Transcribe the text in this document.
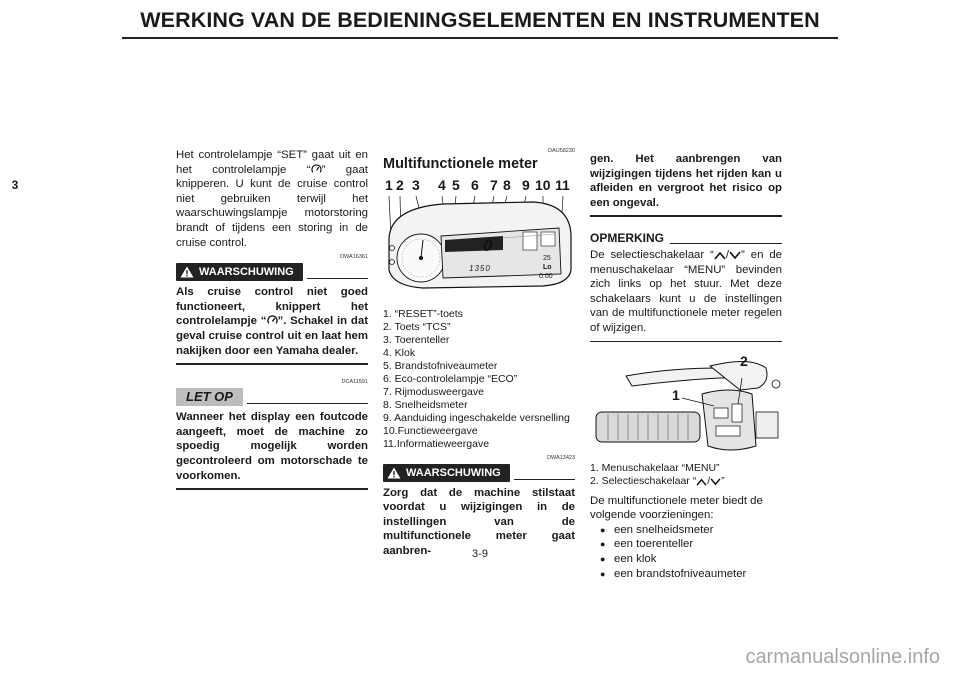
WERKING VAN DE BEDIENINGSELEMENTEN EN INSTRUMENTEN
3

Het controlelampje “SET” gaat uit en het controlelampje “ ” gaat knipperen. U kunt de cruise control niet gebruiken terwijl het waarschuwingslampje motorstoring brandt of tijdens een storing in de cruise control.

DWA16361
WAARSCHUWING

Als cruise control niet goed functioneert, knippert het controlelampje “ ”. Schakel in dat geval cruise control uit en laat hem nakijken door een Yamaha dealer.

DCA11591
LET OP

Wanneer het display een foutcode aangeeft, moet de machine zo spoedig mogelijk worden gecontroleerd om motorschade te voorkomen.

DAU58230

Multifunctionele meter

1 2 3 4 5 6 7 8 9 10 11
0
1350
25
Lo
0:00

1. “RESET”-toets

2. Toets “TCS”

3. Toerenteller

4. Klok

5. Brandstofniveaumeter

6. Eco-controlelampje “ECO”

7. Rijmodusweergave

8. Snelheidsmeter

9. Aanduiding ingeschakelde versnelling

10.Functieweergave

11.Informatieweergave

DWA13423
WAARSCHUWING

Zorg dat de machine stilstaat voordat u wijzigingen in de instellingen van de multifunctionele meter gaat aanbren-

gen. Het aanbrengen van wijzigingen tijdens het rijden kan u afleiden en vergroot het risico op een ongeval.

OPMERKING

De selectieschakelaar “ / ” en de menuschakelaar “MENU” bevinden zich links op het stuur. Met deze schakelaars kunt u de instellingen van de multifunctionele meter regelen of wijzigen.

1
2

1. Menuschakelaar “MENU”

2. Selectieschakelaar “ / ”

De multifunctionele meter biedt de volgende voorzieningen:

● een snelheidsmeter
● een toerenteller
● een klok
● een brandstofniveaumeter
3-9
carmanualsonline.info
